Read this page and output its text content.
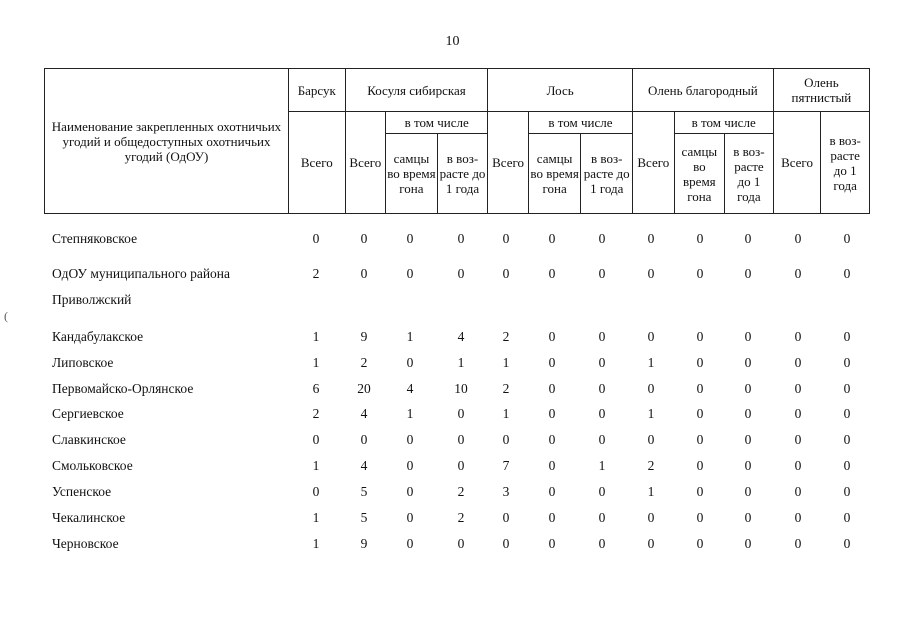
10
Наименование закрепленных охотничьих угодий и общедоступных охотничьих угодий (ОдОУ)	Барсук	Косуля сибирская			Лось			Олень благородный			Олень пятнистый	
	Всего	Всего	в том числе		Всего	в том числе		Всего	в том числе		Всего	в воз-расте до 1 года
			самцы во время гона	в воз-расте до 1 года		самцы во время гона	в воз-расте до 1 года		самцы во время гона	в воз-расте до 1 года		
Степняковское	0	0	0	0	0	0	0	0	0	0	0	0
ОдОУ муниципального района	2	0	0	0	0	0	0	0	0	0	0	0
Приволжский
Кандабулакское	1	9	1	4	2	0	0	0	0	0	0	0
Липовское	1	2	0	1	1	0	0	1	0	0	0	0
Первомайско-Орлянское	6	20	4	10	2	0	0	0	0	0	0	0
Сергиевское	2	4	1	0	1	0	0	1	0	0	0	0
Славкинское	0	0	0	0	0	0	0	0	0	0	0	0
Смольковское	1	4	0	0	7	0	1	2	0	0	0	0
Успенское	0	5	0	2	3	0	0	1	0	0	0	0
Чекалинское	1	5	0	2	0	0	0	0	0	0	0	0
Черновское	1	9	0	0	0	0	0	0	0	0	0	0
(
